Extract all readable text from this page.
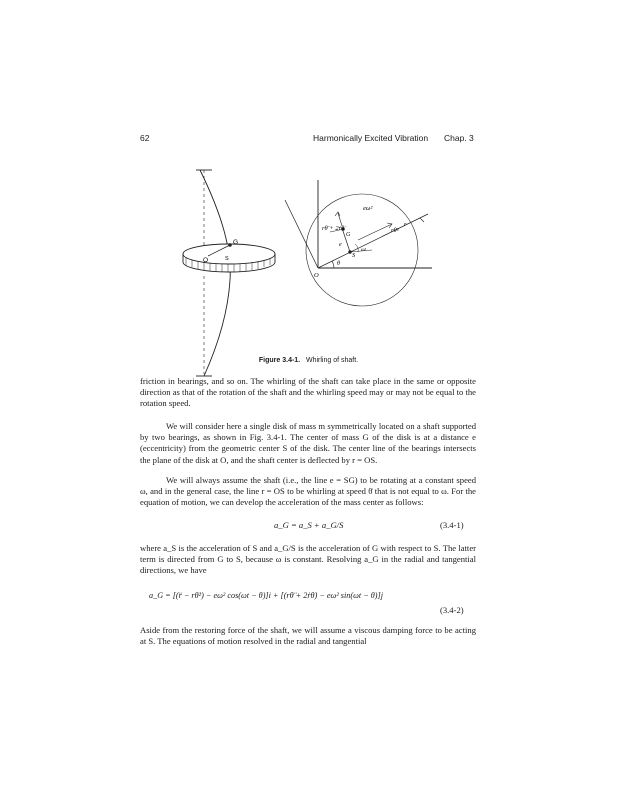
62	Harmonically Excited Vibration Chap. 3
G
O	S
eω²
rθ̈ + 2ṙθ̇	rθ̇²
G
e
S
θ
ωt
O
r
Figure 3.4-1. Whirling of shaft.
friction in bearings, and so on. The whirling of the shaft can take place in the same or opposite direction as that of the rotation of the shaft and the whirling speed may or may not be equal to the rotation speed.
We will consider here a single disk of mass m symmetrically located on a shaft supported by two bearings, as shown in Fig. 3.4-1. The center of mass G of the disk is at a distance e (eccentricity) from the geometric center S of the disk. The center line of the bearings intersects the plane of the disk at O, and the shaft center is deflected by r = OS.
We will always assume the shaft (i.e., the line e = SG) to be rotating at a constant speed ω, and in the general case, the line r = OS to be whirling at speed θ̇ that is not equal to ω. For the equation of motion, we can develop the acceleration of the mass center as follows:
a_G = a_S + a_G/S	(3.4-1)
where a_S is the acceleration of S and a_G/S is the acceleration of G with respect to S. The latter term is directed from G to S, because ω is constant. Resolving a_G in the radial and tangential directions, we have
a_G = [(r̈ − rθ̇²) − eω² cos(ωt − θ)]i + [(rθ̈ + 2ṙθ̇) − eω² sin(ωt − θ)]j
(3.4-2)
Aside from the restoring force of the shaft, we will assume a viscous damping force to be acting at S. The equations of motion resolved in the radial and tangential
